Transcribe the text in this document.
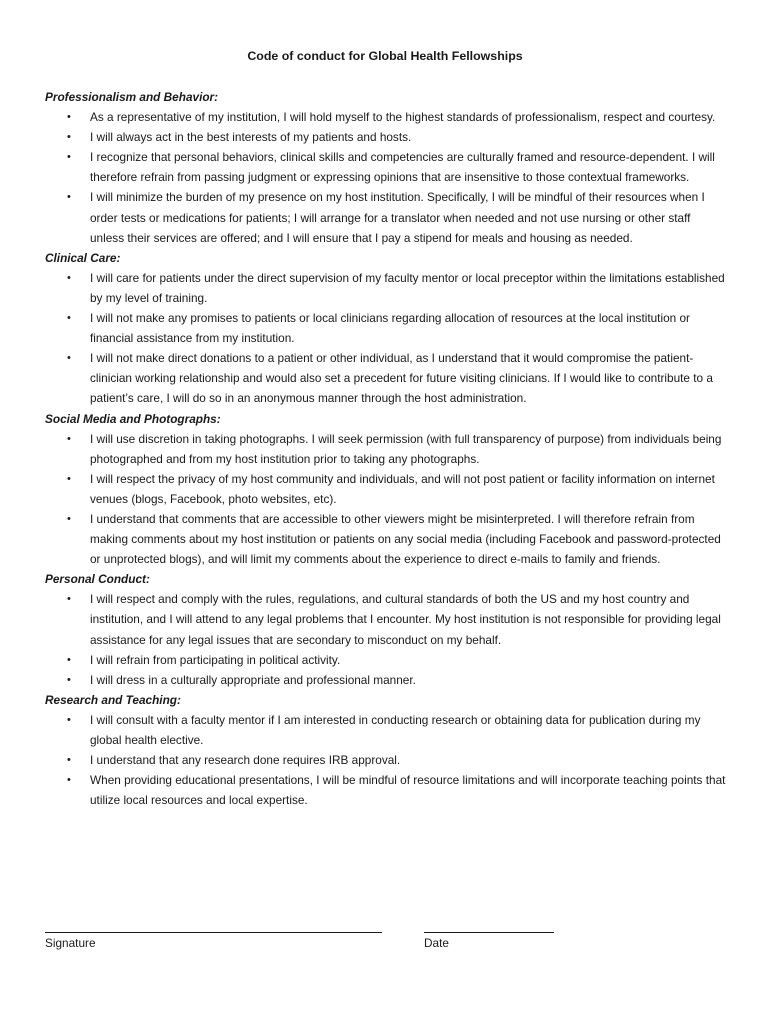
Code of conduct for Global Health Fellowships

Professionalism and Behavior:

• As a representative of my institution, I will hold myself to the highest standards of professionalism, respect and courtesy.
• I will always act in the best interests of my patients and hosts.
• I recognize that personal behaviors, clinical skills and competencies are culturally framed and resource-dependent. I will therefore refrain from passing judgment or expressing opinions that are insensitive to those contextual frameworks.
• I will minimize the burden of my presence on my host institution. Specifically, I will be mindful of their resources when I order tests or medications for patients; I will arrange for a translator when needed and not use nursing or other staff unless their services are offered; and I will ensure that I pay a stipend for meals and housing as needed.

Clinical Care:

• I will care for patients under the direct supervision of my faculty mentor or local preceptor within the limitations established by my level of training.
• I will not make any promises to patients or local clinicians regarding allocation of resources at the local institution or financial assistance from my institution.
• I will not make direct donations to a patient or other individual, as I understand that it would compromise the patient-clinician working relationship and would also set a precedent for future visiting clinicians. If I would like to contribute to a patient’s care, I will do so in an anonymous manner through the host administration.

Social Media and Photographs:

• I will use discretion in taking photographs. I will seek permission (with full transparency of purpose) from individuals being photographed and from my host institution prior to taking any photographs.
• I will respect the privacy of my host community and individuals, and will not post patient or facility information on internet venues (blogs, Facebook, photo websites, etc).
• I understand that comments that are accessible to other viewers might be misinterpreted. I will therefore refrain from making comments about my host institution or patients on any social media (including Facebook and password-protected or unprotected blogs), and will limit my comments about the experience to direct e-mails to family and friends.

Personal Conduct:

• I will respect and comply with the rules, regulations, and cultural standards of both the US and my host country and institution, and I will attend to any legal problems that I encounter. My host institution is not responsible for providing legal assistance for any legal issues that are secondary to misconduct on my behalf.
• I will refrain from participating in political activity.
• I will dress in a culturally appropriate and professional manner.

Research and Teaching:

• I will consult with a faculty mentor if I am interested in conducting research or obtaining data for publication during my global health elective.
• I understand that any research done requires IRB approval.
• When providing educational presentations, I will be mindful of resource limitations and will incorporate teaching points that utilize local resources and local expertise.
Signature	Date
